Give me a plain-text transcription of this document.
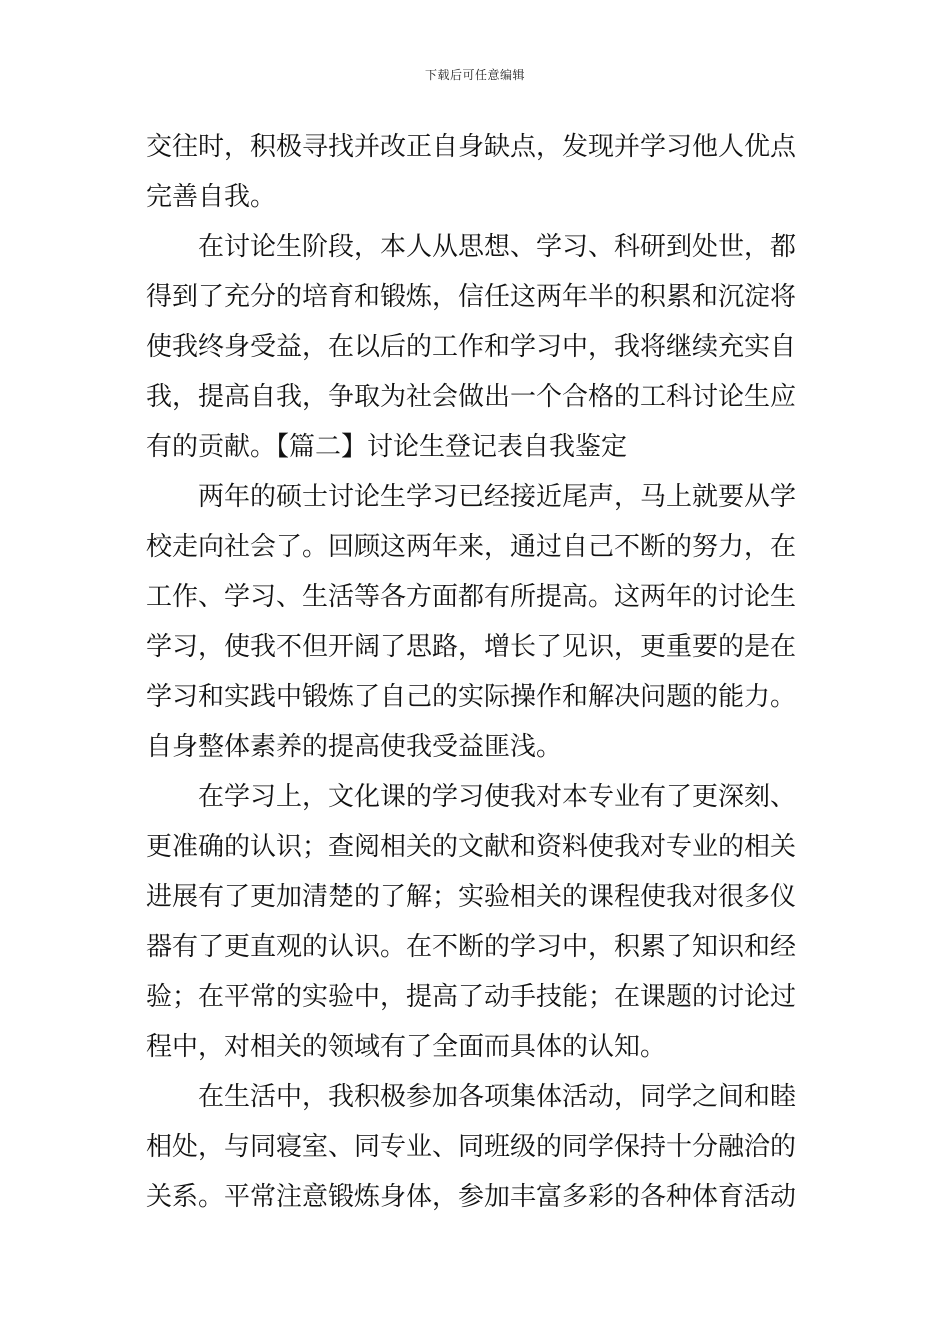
下载后可任意编辑
交往时，积极寻找并改正自身缺点，发现并学习他人优点
完善自我。
在讨论生阶段，本人从思想、学习、科研到处世，都
得到了充分的培育和锻炼，信任这两年半的积累和沉淀将
使我终身受益，在以后的工作和学习中，我将继续充实自
我，提高自我，争取为社会做出一个合格的工科讨论生应
有的贡献。【篇二】讨论生登记表自我鉴定
两年的硕士讨论生学习已经接近尾声，马上就要从学
校走向社会了。回顾这两年来，通过自己不断的努力，在
工作、学习、生活等各方面都有所提高。这两年的讨论生
学习，使我不但开阔了思路，增长了见识，更重要的是在
学习和实践中锻炼了自己的实际操作和解决问题的能力。
自身整体素养的提高使我受益匪浅。
在学习上，文化课的学习使我对本专业有了更深刻、
更准确的认识；查阅相关的文献和资料使我对专业的相关
进展有了更加清楚的了解；实验相关的课程使我对很多仪
器有了更直观的认识。在不断的学习中，积累了知识和经
验；在平常的实验中，提高了动手技能；在课题的讨论过
程中，对相关的领域有了全面而具体的认知。
在生活中，我积极参加各项集体活动，同学之间和睦
相处，与同寝室、同专业、同班级的同学保持十分融洽的
关系。平常注意锻炼身体，参加丰富多彩的各种体育活动
